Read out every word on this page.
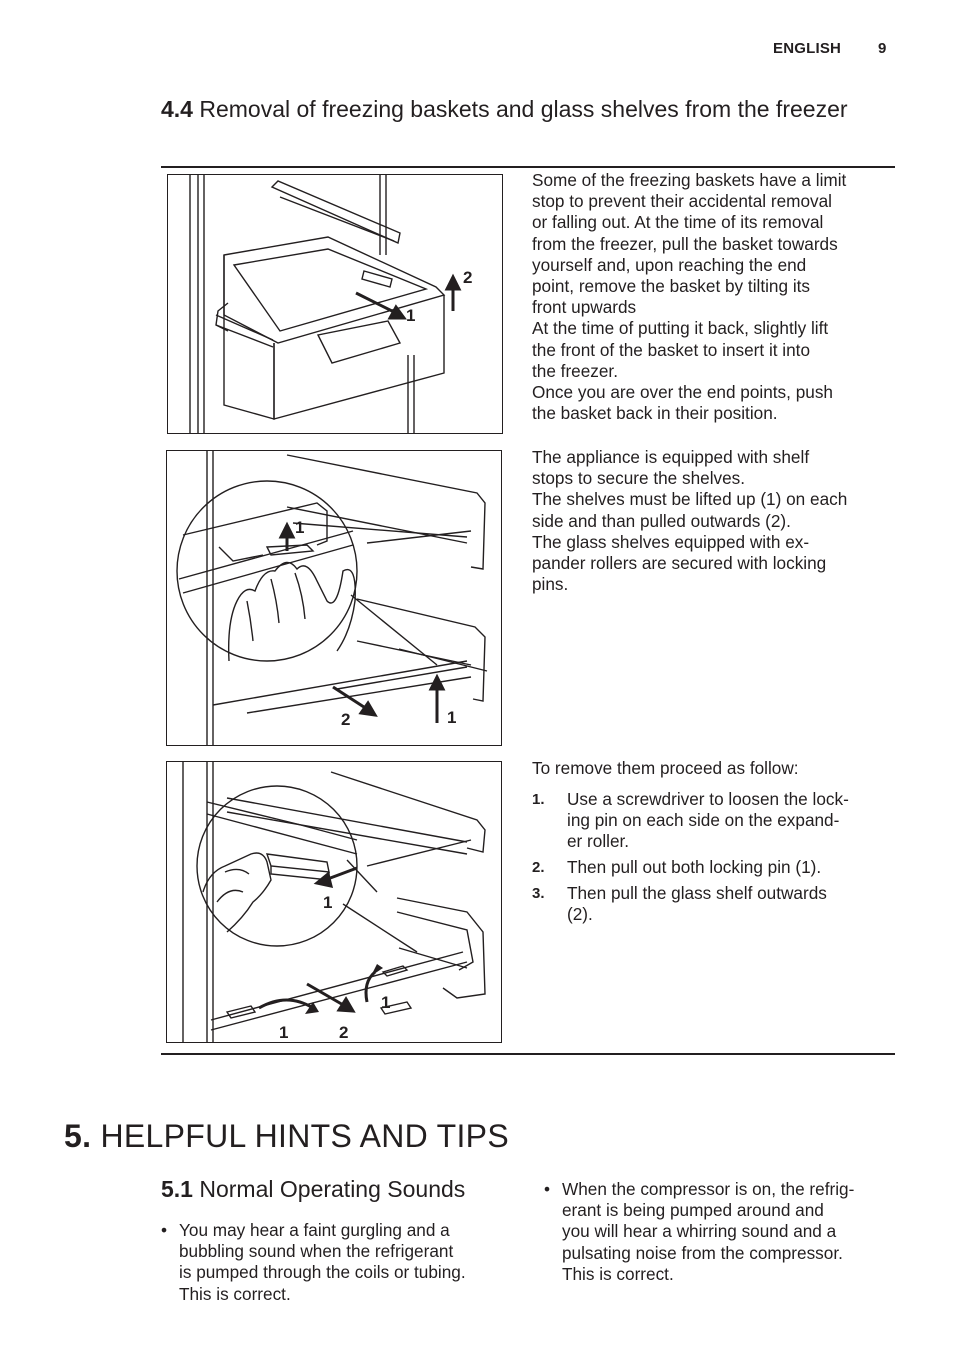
ENGLISH 9
4.4 Removal of freezing baskets and glass shelves from the freezer
1
2

Some of the freezing baskets have a limit

stop to prevent their accidental removal

or falling out. At the time of its removal

from the freezer, pull the basket towards

yourself and, upon reaching the end

point, remove the basket by tilting its

front upwards

At the time of putting it back, slightly lift

the front of the basket to insert it into

the freezer.

Once you are over the end points, push

the basket back in their position.

1
2	1

The appliance is equipped with shelf

stops to secure the shelves.

The shelves must be lifted up (1) on each

side and than pulled outwards (2).

The glass shelves equipped with ex-

pander rollers are secured with locking

pins.

1
1	2
1
To remove them proceed as follow:
1.	Use a screwdriver to loosen the lock-
ing pin on each side on the expand-
er roller.
2.	Then pull out both locking pin (1).
3.	Then pull the glass shelf outwards
(2).
5. HELPFUL HINTS AND TIPS
5.1 Normal Operating Sounds
• You may hear a faint gurgling and a
bubbling sound when the refrigerant
is pumped through the coils or tubing.
This is correct.
• When the compressor is on, the refrig-
erant is being pumped around and
you will hear a whirring sound and a
pulsating noise from the compressor.
This is correct.
